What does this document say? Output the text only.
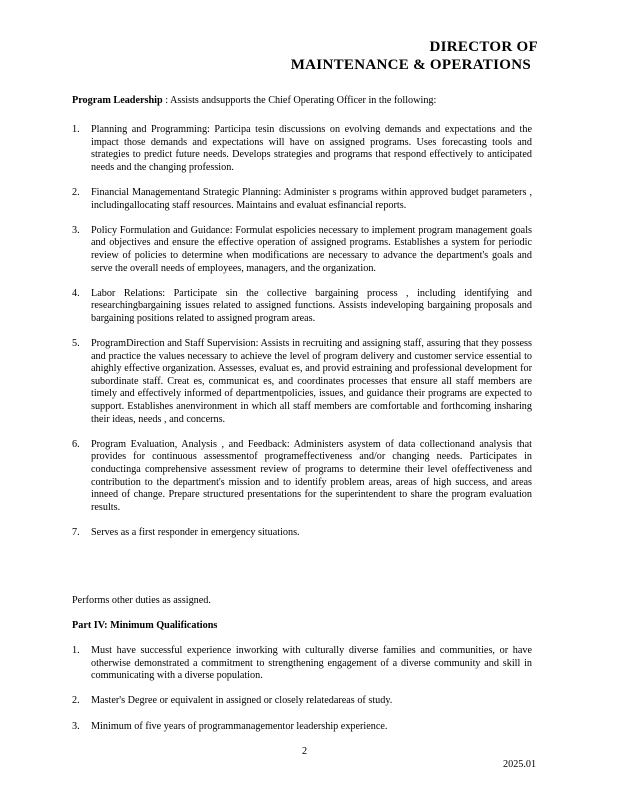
DIRECTOR OF
MAINTENANCE & OPERATIONS
Program Leadership : Assists andsupports the Chief Operating Officer in the following:
1. Planning and Programming: Participa tesin discussions on evolving demands and expectations and the impact those demands and expectations will have on assigned programs. Uses forecasting tools and strategies to predict future needs. Develops strategies and programs that respond effectively to anticipated needs and the changing profession.
2. Financial Managementand Strategic Planning: Administer s programs within approved budget parameters , includingallocating staff resources. Maintains and evaluat esfinancial reports.
3. Policy Formulation and Guidance: Formulat espolicies necessary to implement program management goals and objectives and ensure the effective operation of assigned programs. Establishes a system for periodic review of policies to determine when modifications are necessary to advance the department's goals and serve the overall needs of employees, managers, and the organization.
4. Labor Relations: Participate sin the collective bargaining process , including identifying and researchingbargaining issues related to assigned functions. Assists indeveloping bargaining proposals and bargaining positions related to assigned program areas.
5. ProgramDirection and Staff Supervision: Assists in recruiting and assigning staff, assuring that they possess and practice the values necessary to achieve the level of program delivery and customer service essential to ahighly effective organization. Assesses, evaluat es, and provid estraining and professional development for subordinate staff. Creat es, communicat es, and coordinates processes that ensure all staff members are timely and effectively informed of departmentpolicies, issues, and guidance their programs are expected to support. Establishes anenvironment in which all staff members are comfortable and forthcoming insharing their ideas, needs , and concerns.
6. Program Evaluation, Analysis , and Feedback: Administers asystem of data collectionand analysis that provides for continuous assessmentof programeffectiveness and/or changing needs. Participates in conductinga comprehensive assessment review of programs to determine their level ofeffectiveness and contribution to the department's mission and to identify problem areas, areas of high success, and areas inneed of change. Prepare structured presentations for the superintendent to share the program evaluation results.
7. Serves as a first responder in emergency situations.
Performs other duties as assigned.
Part IV: Minimum Qualifications
1. Must have successful experience inworking with culturally diverse families and communities, or have otherwise demonstrated a commitment to strengthening engagement of a diverse community and skill in communicating with a diverse population.
2. Master's Degree or equivalent in assigned or closely relatedareas of study.
3. Minimum of five years of programmanagementor leadership experience.
2
2025.01
